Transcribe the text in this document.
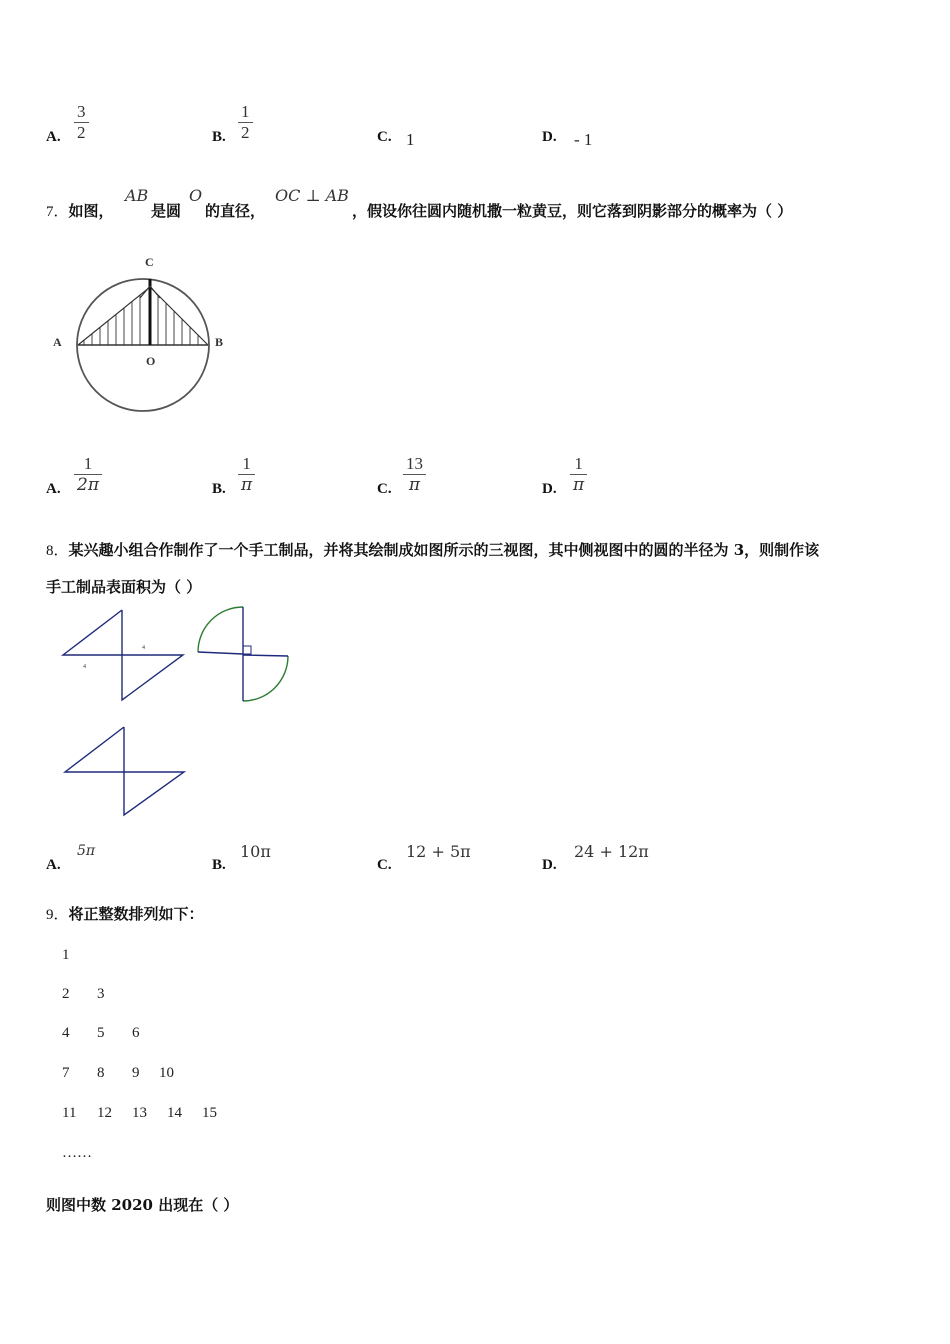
A. $\frac{3}{2}$	B. $\frac{1}{2}$	C. 1	D. - 1
7．如图，
AB
是圆
O
的直径，
OC ⊥ AB
，假设你往圆内随机撒一粒黄豆，则它落到阴影部分的概率为（ ）
C
A	B
O
A. $\frac{1}{2\pi}$	B. $\frac{1}{\pi}$	C. $\frac{13}{\pi}$	D. $\frac{1}{\pi}$
8．某兴趣小组合作制作了一个手工制品，并将其绘制成如图所示的三视图，其中侧视图中的圆的半径为 3，则制作该
手工制品表面积为（ ）
4
4
A.
5π
B.
10π
C.
12 + 5π
D.
24 + 12π
9．将正整数排列如下：
1
2 3
4 5 6
7 8 9 10
11 12 13 14 15
……
则图中数 2020 出现在（ ）
